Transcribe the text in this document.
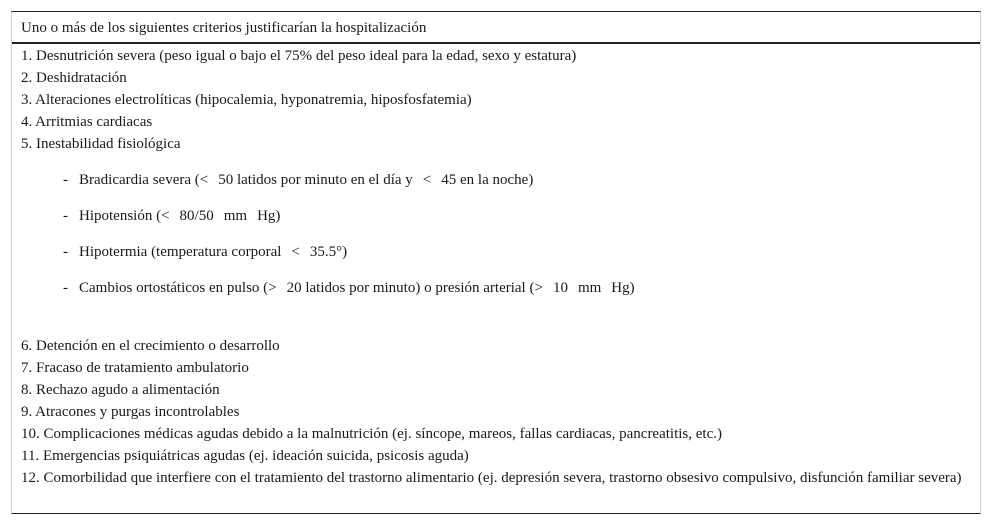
Uno o más de los siguientes criterios justificarían la hospitalización
1. Desnutrición severa (peso igual o bajo el 75% del peso ideal para la edad, sexo y estatura)
2. Deshidratación
3. Alteraciones electrolíticas (hipocalemia, hyponatremia, hiposfosfatemia)
4. Arritmias cardiacas
5. Inestabilidad fisiológica
- Bradicardia severa (< 50 latidos por minuto en el día y < 45 en la noche)
- Hipotensión (< 80/50 mm Hg)
- Hipotermia (temperatura corporal < 35.5°)
- Cambios ortostáticos en pulso (> 20 latidos por minuto) o presión arterial (> 10 mm Hg)
6. Detención en el crecimiento o desarrollo
7. Fracaso de tratamiento ambulatorio
8. Rechazo agudo a alimentación
9. Atracones y purgas incontrolables
10. Complicaciones médicas agudas debido a la malnutrición (ej. síncope, mareos, fallas cardiacas, pancreatitis, etc.)
11. Emergencias psiquiátricas agudas (ej. ideación suicida, psicosis aguda)
12. Comorbilidad que interfiere con el tratamiento del trastorno alimentario (ej. depresión severa, trastorno obsesivo compulsivo, disfunción familiar severa)
